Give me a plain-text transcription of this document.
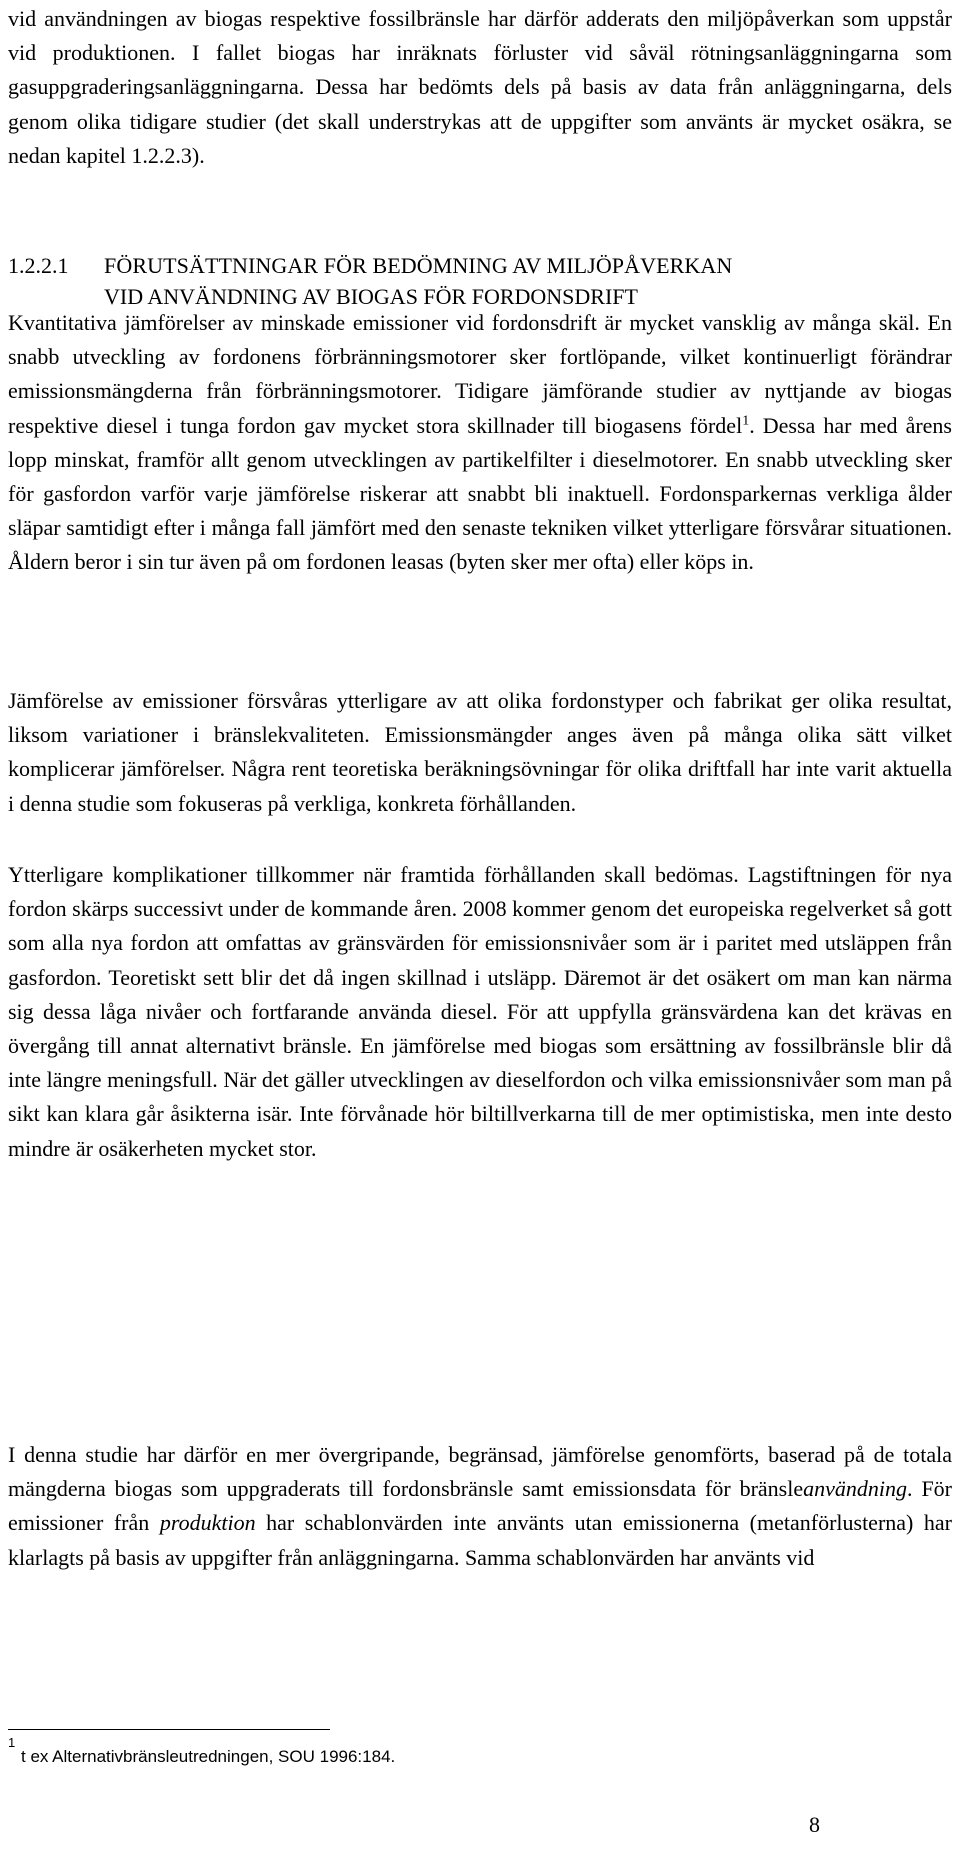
vid användningen av biogas respektive fossilbränsle har därför adderats den miljöpåverkan som uppstår vid produktionen. I fallet biogas har inräknats förluster vid såväl rötningsanläggningarna som gasuppgraderingsanläggningarna. Dessa har bedömts dels på basis av data från anläggningarna, dels genom olika tidigare studier (det skall understrykas att de uppgifter som använts är mycket osäkra, se nedan kapitel 1.2.2.3).

1.2.2.1 FÖRUTSÄTTNINGAR FÖR BEDÖMNING AV MILJÖPÅVERKAN
VID ANVÄNDNING AV BIOGAS FÖR FORDONSDRIFT

Kvantitativa jämförelser av minskade emissioner vid fordonsdrift är mycket vansklig av många skäl. En snabb utveckling av fordonens förbränningsmotorer sker fortlöpande, vilket kontinuerligt förändrar emissionsmängderna från förbränningsmotorer. Tidigare jämförande studier av nyttjande av biogas respektive diesel i tunga fordon gav mycket stora skillnader till biogasens fördel$^1$. Dessa har med årens lopp minskat, framför allt genom utvecklingen av partikelfilter i dieselmotorer. En snabb utveckling sker för gasfordon varför varje jämförelse riskerar att snabbt bli inaktuell. Fordonsparkernas verkliga ålder släpar samtidigt efter i många fall jämfört med den senaste tekniken vilket ytterligare försvårar situationen. Åldern beror i sin tur även på om fordonen leasas (byten sker mer ofta) eller köps in.

Jämförelse av emissioner försvåras ytterligare av att olika fordonstyper och fabrikat ger olika resultat, liksom variationer i bränslekvaliteten. Emissionsmängder anges även på många olika sätt vilket komplicerar jämförelser. Några rent teoretiska beräkningsövningar för olika driftfall har inte varit aktuella i denna studie som fokuseras på verkliga, konkreta förhållanden.

Ytterligare komplikationer tillkommer när framtida förhållanden skall bedömas. Lagstiftningen för nya fordon skärps successivt under de kommande åren. 2008 kommer genom det europeiska regelverket så gott som alla nya fordon att omfattas av gränsvärden för emissionsnivåer som är i paritet med utsläppen från gasfordon. Teoretiskt sett blir det då ingen skillnad i utsläpp. Däremot är det osäkert om man kan närma sig dessa låga nivåer och fortfarande använda diesel. För att uppfylla gränsvärdena kan det krävas en övergång till annat alternativt bränsle. En jämförelse med biogas som ersättning av fossilbränsle blir då inte längre meningsfull. När det gäller utvecklingen av dieselfordon och vilka emissionsnivåer som man på sikt kan klara går åsikterna isär. Inte förvånade hör biltillverkarna till de mer optimistiska, men inte desto mindre är osäkerheten mycket stor.

I denna studie har därför en mer övergripande, begränsad, jämförelse genomförts, baserad på de totala mängderna biogas som uppgraderats till fordonsbränsle samt emissionsdata för bränsleanvändning. För emissioner från produktion har schablonvärden inte använts utan emissionerna (metanförlusterna) har klarlagts på basis av uppgifter från anläggningarna. Samma schablonvärden har använts vid

1
t ex Alternativbränsleutredningen, SOU 1996:184.
8
